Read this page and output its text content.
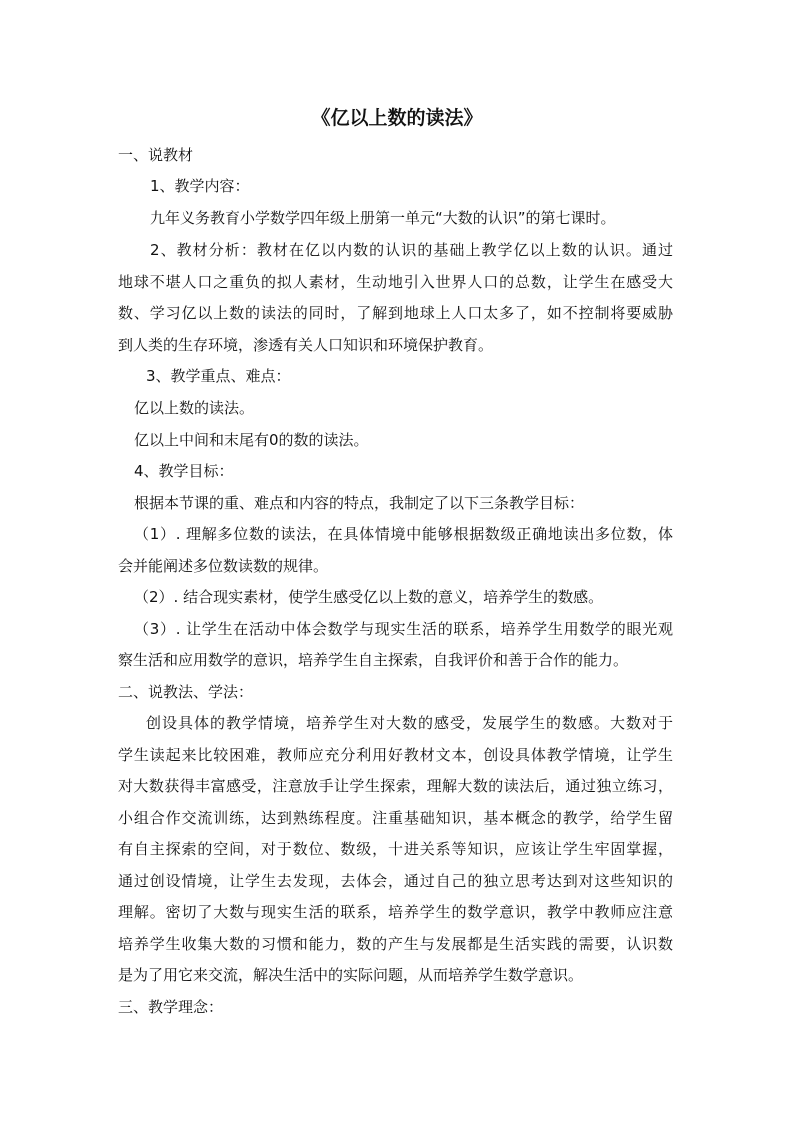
《亿以上数的读法》

一、说教材

1、教学内容：

九年义务教育小学数学四年级上册第一单元“大数的认识”的第七课时。

2、教材分析：教材在亿以内数的认识的基础上教学亿以上数的认识。通过

地球不堪人口之重负的拟人素材，生动地引入世界人口的总数，让学生在感受大

数、学习亿以上数的读法的同时，了解到地球上人口太多了，如不控制将要威胁

到人类的生存环境，渗透有关人口知识和环境保护教育。

3、教学重点、难点：

亿以上数的读法。

亿以上中间和末尾有0的数的读法。

4、教学目标：

根据本节课的重、难点和内容的特点，我制定了以下三条教学目标：

（1）. 理解多位数的读法，在具体情境中能够根据数级正确地读出多位数，体

会并能阐述多位数读数的规律。

（2）. 结合现实素材，使学生感受亿以上数的意义，培养学生的数感。

（3）. 让学生在活动中体会数学与现实生活的联系，培养学生用数学的眼光观

察生活和应用数学的意识，培养学生自主探索，自我评价和善于合作的能力。

二、说教法、学法：

创设具体的教学情境，培养学生对大数的感受，发展学生的数感。大数对于

学生读起来比较困难，教师应充分利用好教材文本，创设具体教学情境，让学生

对大数获得丰富感受，注意放手让学生探索，理解大数的读法后，通过独立练习，

小组合作交流训练，达到熟练程度。注重基础知识，基本概念的教学，给学生留

有自主探索的空间，对于数位、数级，十进关系等知识，应该让学生牢固掌握，

通过创设情境，让学生去发现，去体会，通过自己的独立思考达到对这些知识的

理解。密切了大数与现实生活的联系，培养学生的数学意识，教学中教师应注意

培养学生收集大数的习惯和能力，数的产生与发展都是生活实践的需要，认识数

是为了用它来交流，解决生活中的实际问题，从而培养学生数学意识。

三、教学理念：
